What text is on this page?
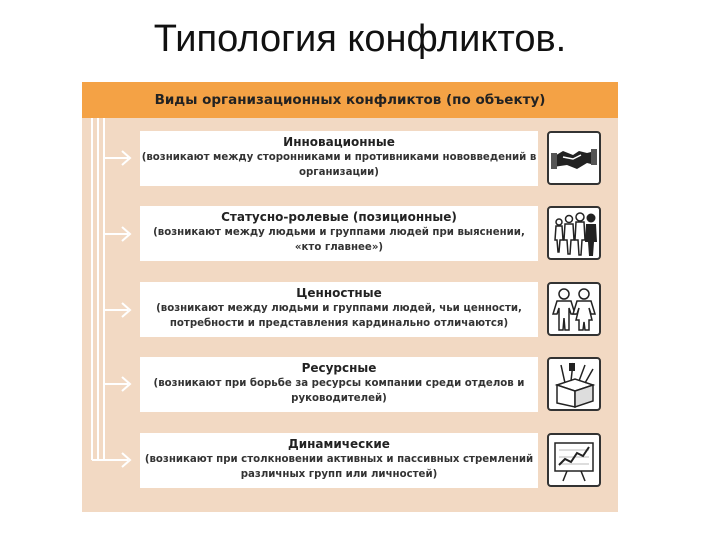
Типология конфликтов.
Виды организационных конфликтов (по объекту)
Инновационные
(возникают между сторонниками и противниками нововведений в организации)
Статусно-ролевые (позиционные)
(возникают между людьми и группами людей при выяснении, «кто главнее»)
Ценностные
(возникают между людьми и группами людей, чьи ценности, потребности и представления кардинально отличаются)
Ресурсные
(возникают при борьбе за ресурсы компании среди отделов и руководителей)
Динамические
(возникают при столкновении активных и пассивных стремлений различных групп или личностей)
